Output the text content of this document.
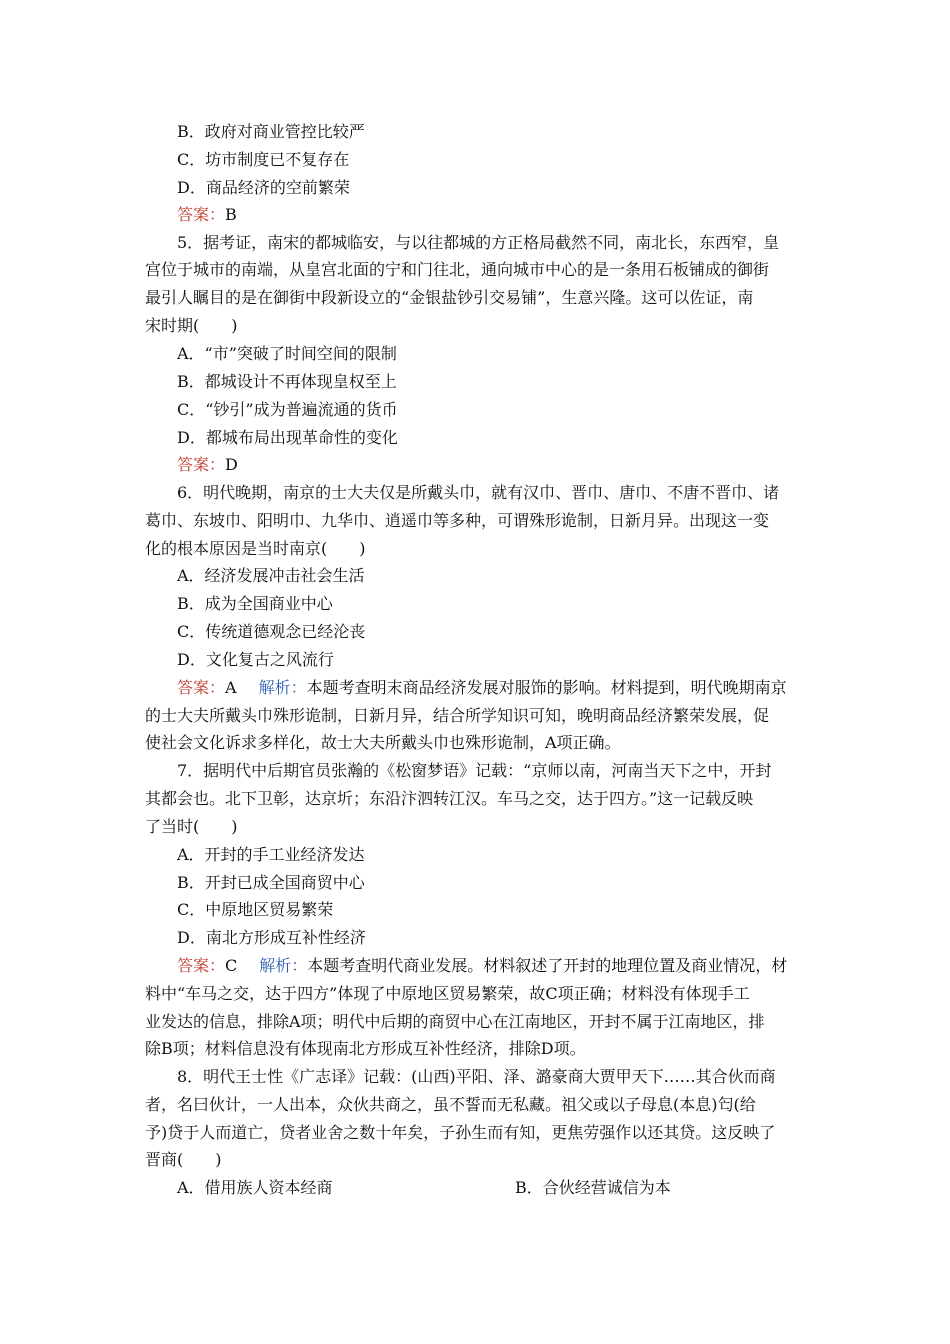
B．政府对商业管控比较严
C．坊市制度已不复存在
D．商品经济的空前繁荣
答案：B
5．据考证，南宋的都城临安，与以往都城的方正格局截然不同，南北长，东西窄，皇
宫位于城市的南端，从皇宫北面的宁和门往北，通向城市中心的是一条用石板铺成的御街
最引人瞩目的是在御街中段新设立的“金银盐钞引交易铺”，生意兴隆。这可以佐证，南
宋时期(　　)
A．“市”突破了时间空间的限制
B．都城设计不再体现皇权至上
C．“钞引”成为普遍流通的货币
D．都城布局出现革命性的变化
答案：D
6．明代晚期，南京的士大夫仅是所戴头巾，就有汉巾、晋巾、唐巾、不唐不晋巾、诸
葛巾、东坡巾、阳明巾、九华巾、逍遥巾等多种，可谓殊形诡制，日新月异。出现这一变
化的根本原因是当时南京(　　)
A．经济发展冲击社会生活
B．成为全国商业中心
C．传统道德观念已经沦丧
D．文化复古之风流行
答案：A 解析：本题考查明末商品经济发展对服饰的影响。材料提到，明代晚期南京
的士大夫所戴头巾殊形诡制，日新月异，结合所学知识可知，晚明商品经济繁荣发展，促
使社会文化诉求多样化，故士大夫所戴头巾也殊形诡制，A项正确。
7．据明代中后期官员张瀚的《松窗梦语》记载：“京师以南，河南当天下之中，开封
其都会也。北下卫彰，达京圻；东沿汴泗转江汉。车马之交，达于四方。”这一记载反映
了当时(　　)
A．开封的手工业经济发达
B．开封已成全国商贸中心
C．中原地区贸易繁荣
D．南北方形成互补性经济
答案：C 解析：本题考查明代商业发展。材料叙述了开封的地理位置及商业情况，材
料中“车马之交，达于四方”体现了中原地区贸易繁荣，故C项正确；材料没有体现手工
业发达的信息，排除A项；明代中后期的商贸中心在江南地区，开封不属于江南地区，排
除B项；材料信息没有体现南北方形成互补性经济，排除D项。
8．明代王士性《广志译》记载：(山西)平阳、泽、潞豪商大贾甲天下……其合伙而商
者，名曰伙计，一人出本，众伙共商之，虽不誓而无私藏。祖父或以子母息(本息)匄(给
予)贷于人而道亡，贷者业舍之数十年矣，子孙生而有知，更焦劳强作以还其贷。这反映了
晋商(　　)
A．借用族人资本经商	B．合伙经营诚信为本
